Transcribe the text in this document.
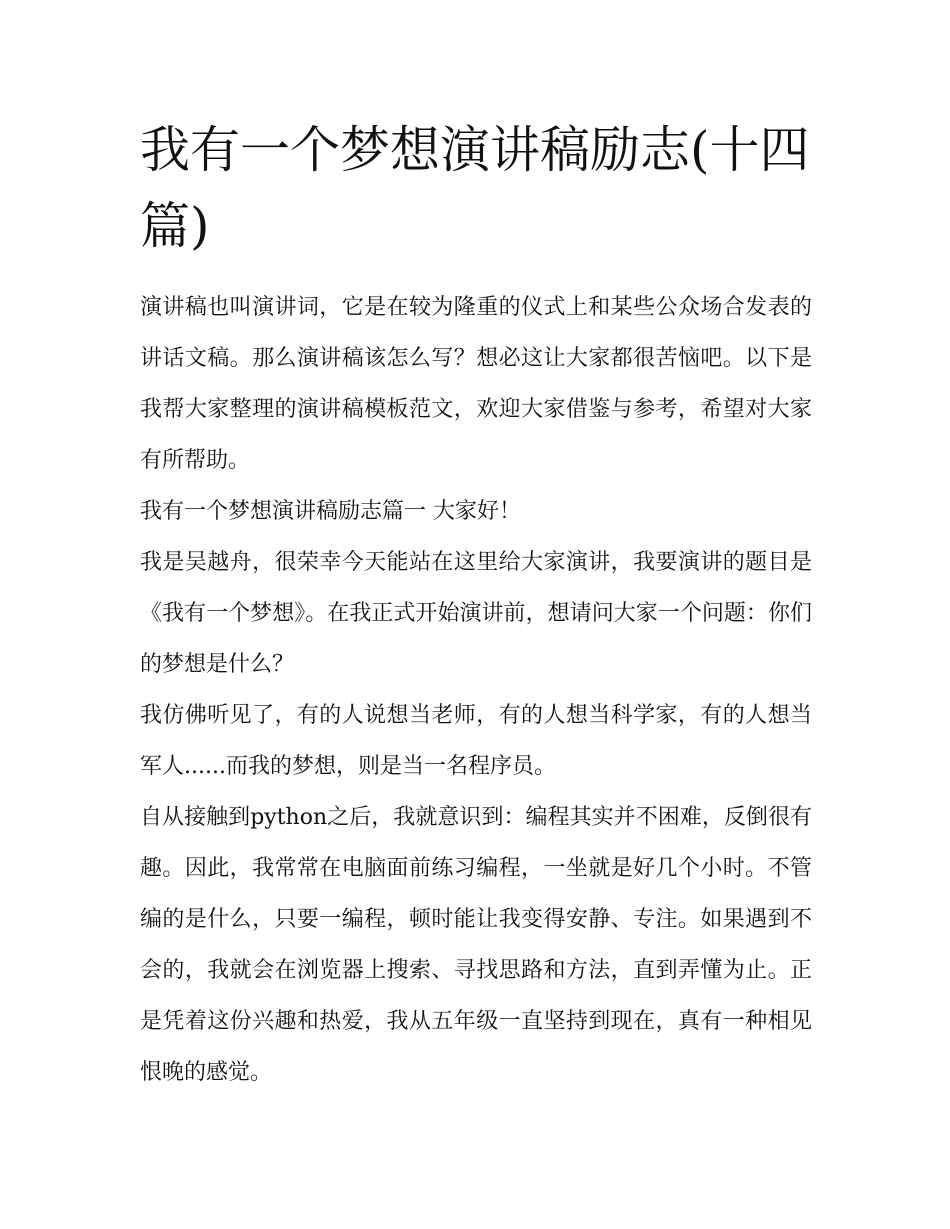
我有一个梦想演讲稿励志(十四篇)

演讲稿也叫演讲词，它是在较为隆重的仪式上和某些公众场合发表的讲话文稿。那么演讲稿该怎么写？想必这让大家都很苦恼吧。以下是我帮大家整理的演讲稿模板范文，欢迎大家借鉴与参考，希望对大家有所帮助。

我有一个梦想演讲稿励志篇一 大家好！

我是吴越舟，很荣幸今天能站在这里给大家演讲，我要演讲的题目是《我有一个梦想》。在我正式开始演讲前，想请问大家一个问题：你们的梦想是什么？

我仿佛听见了，有的人说想当老师，有的人想当科学家，有的人想当军人......而我的梦想，则是当一名程序员。

自从接触到python之后，我就意识到：编程其实并不困难，反倒很有趣。因此，我常常在电脑面前练习编程，一坐就是好几个小时。不管编的是什么，只要一编程，顿时能让我变得安静、专注。如果遇到不会的，我就会在浏览器上搜索、寻找思路和方法，直到弄懂为止。正是凭着这份兴趣和热爱，我从五年级一直坚持到现在，真有一种相见恨晚的感觉。
